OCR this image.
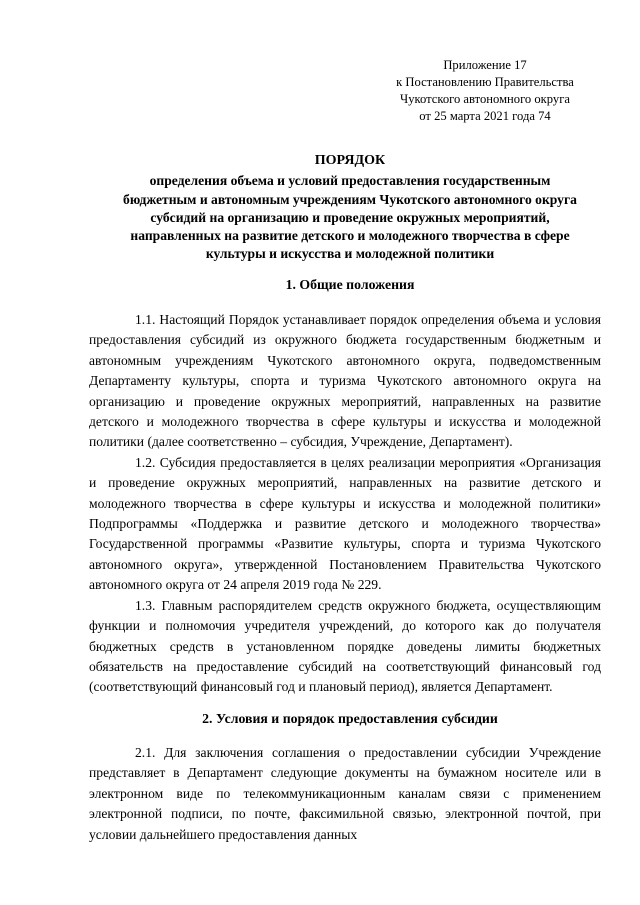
Приложение 17
к Постановлению Правительства
Чукотского автономного округа
от 25 марта 2021 года 74
ПОРЯДОК
определения объема и условий предоставления государственным
бюджетным и автономным учреждениям Чукотского автономного округа
субсидий на организацию и проведение окружных мероприятий,
направленных на развитие детского и молодежного творчества в сфере
культуры и искусства и молодежной политики
1. Общие положения

1.1. Настоящий Порядок устанавливает порядок определения объема и условия предоставления субсидий из окружного бюджета государственным бюджетным и автономным учреждениям Чукотского автономного округа, подведомственным Департаменту культуры, спорта и туризма Чукотского автономного округа на организацию и проведение окружных мероприятий, направленных на развитие детского и молодежного творчества в сфере культуры и искусства и молодежной политики (далее соответственно – субсидия, Учреждение, Департамент).

1.2. Субсидия предоставляется в целях реализации мероприятия «Организация и проведение окружных мероприятий, направленных на развитие детского и молодежного творчества в сфере культуры и искусства и молодежной политики» Подпрограммы «Поддержка и развитие детского и молодежного творчества» Государственной программы «Развитие культуры, спорта и туризма Чукотского автономного округа», утвержденной Постановлением Правительства Чукотского автономного округа от 24 апреля 2019 года № 229.

1.3. Главным распорядителем средств окружного бюджета, осуществляющим функции и полномочия учредителя учреждений, до которого как до получателя бюджетных средств в установленном порядке доведены лимиты бюджетных обязательств на предоставление субсидий на соответствующий финансовый год (соответствующий финансовый год и плановый период), является Департамент.

2. Условия и порядок предоставления субсидии

2.1. Для заключения соглашения о предоставлении субсидии Учреждение представляет в Департамент следующие документы на бумажном носителе или в электронном виде по телекоммуникационным каналам связи с применением электронной подписи, по почте, факсимильной связью, электронной почтой, при условии дальнейшего предоставления данных
